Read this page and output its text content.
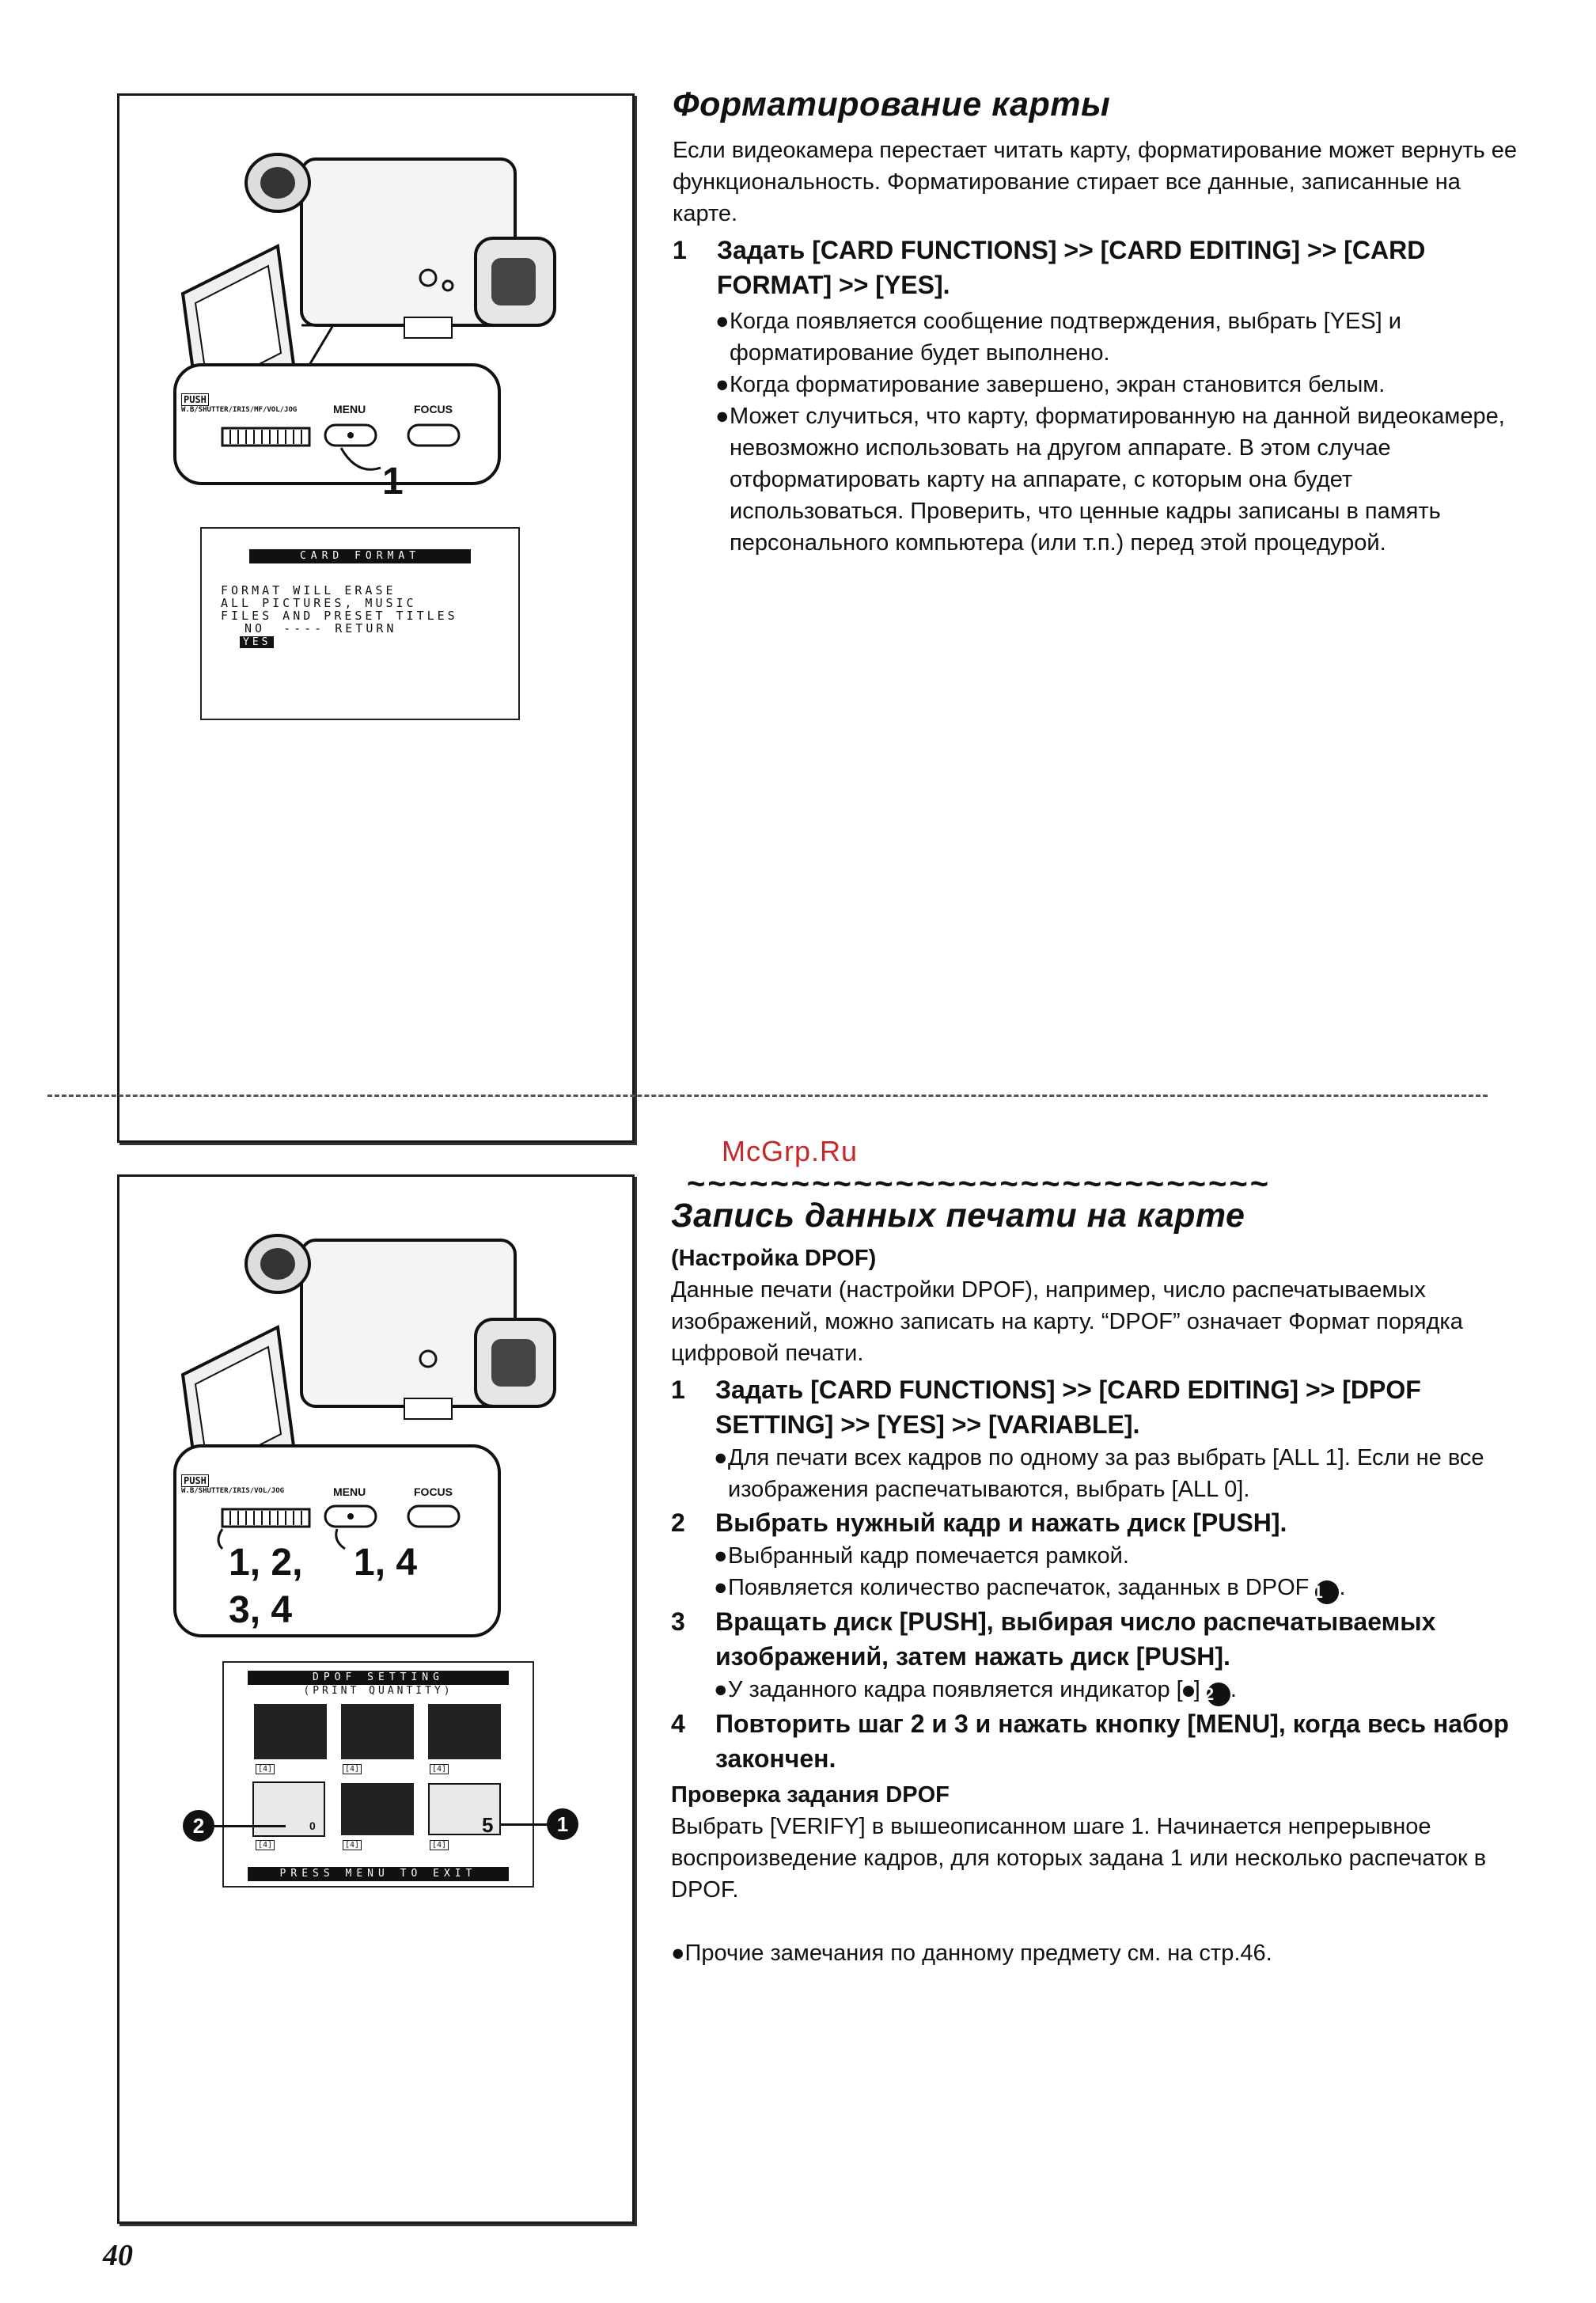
PUSH
W.B/SHUTTER/IRIS/MF/VOL/JOG	MENU	FOCUS
1
CARD FORMAT
FORMAT WILL ERASE
ALL PICTURES, MUSIC
FILES AND PRESET TITLES
NO ---- RETURN
YES
Форматирование карты

Если видеокамера перестает читать карту, форматирование может вернуть ее функциональность. Форматирование стирает все данные, записанные на карте.

1	Задать [CARD FUNCTIONS] >> [CARD EDITING] >> [CARD FORMAT] >> [YES].
●Когда появляется сообщение подтверждения, выбрать [YES] и форматирование будет выполнено.
●Когда форматирование завершено, экран становится белым.
●Может случиться, что карту, форматированную на данной видеокамере, невозможно использовать на другом аппарате. В этом случае отформатировать карту на аппарате, с которым она будет использоваться. Проверить, что ценные кадры записаны в память персонального компьютера (или т.п.) перед этой процедурой.
McGrp.Ru
~~~~~~~~~~~~~~~~~~~~~~~~~~~~
PUSH
W.B/SHUTTER/IRIS/VOL/JOG	MENU	FOCUS
1, 2,
3, 4
1, 4
DPOF SETTING
(PRINT QUANTITY)
[4]	[4]	[4]
[4]	[4]	[4]
0	5
PRESS MENU TO EXIT
2	1
Запись данных печати на карте
(Настройка DPOF)

Данные печати (настройки DPOF), например, число распечатываемых изображений, можно записать на карту. “DPOF” означает Формат порядка цифровой печати.

1	Задать [CARD FUNCTIONS] >> [CARD EDITING] >> [DPOF SETTING] >> [YES] >> [VARIABLE].
●Для печати всех кадров по одному за раз выбрать [ALL 1]. Если не все изображения распечатываются, выбрать [ALL 0].
2	Выбрать нужный кадр и нажать диск [PUSH].
●Выбранный кадр помечается рамкой.
●Появляется количество распечаток, заданных в DPOF 1 .
3	Вращать диск [PUSH], выбирая число распечатываемых изображений, затем нажать диск [PUSH].
●У заданного кадра появляется индикатор [ ] 2 .
4	Повторить шаг 2 и 3 и нажать кнопку [MENU], когда весь набор закончен.
Проверка задания DPOF

Выбрать [VERIFY] в вышеописанном шаге 1. Начинается непрерывное воспроизведение кадров, для которых задана 1 или несколько распечаток в DPOF.

●Прочие замечания по данному предмету см. на стр.46.
40
